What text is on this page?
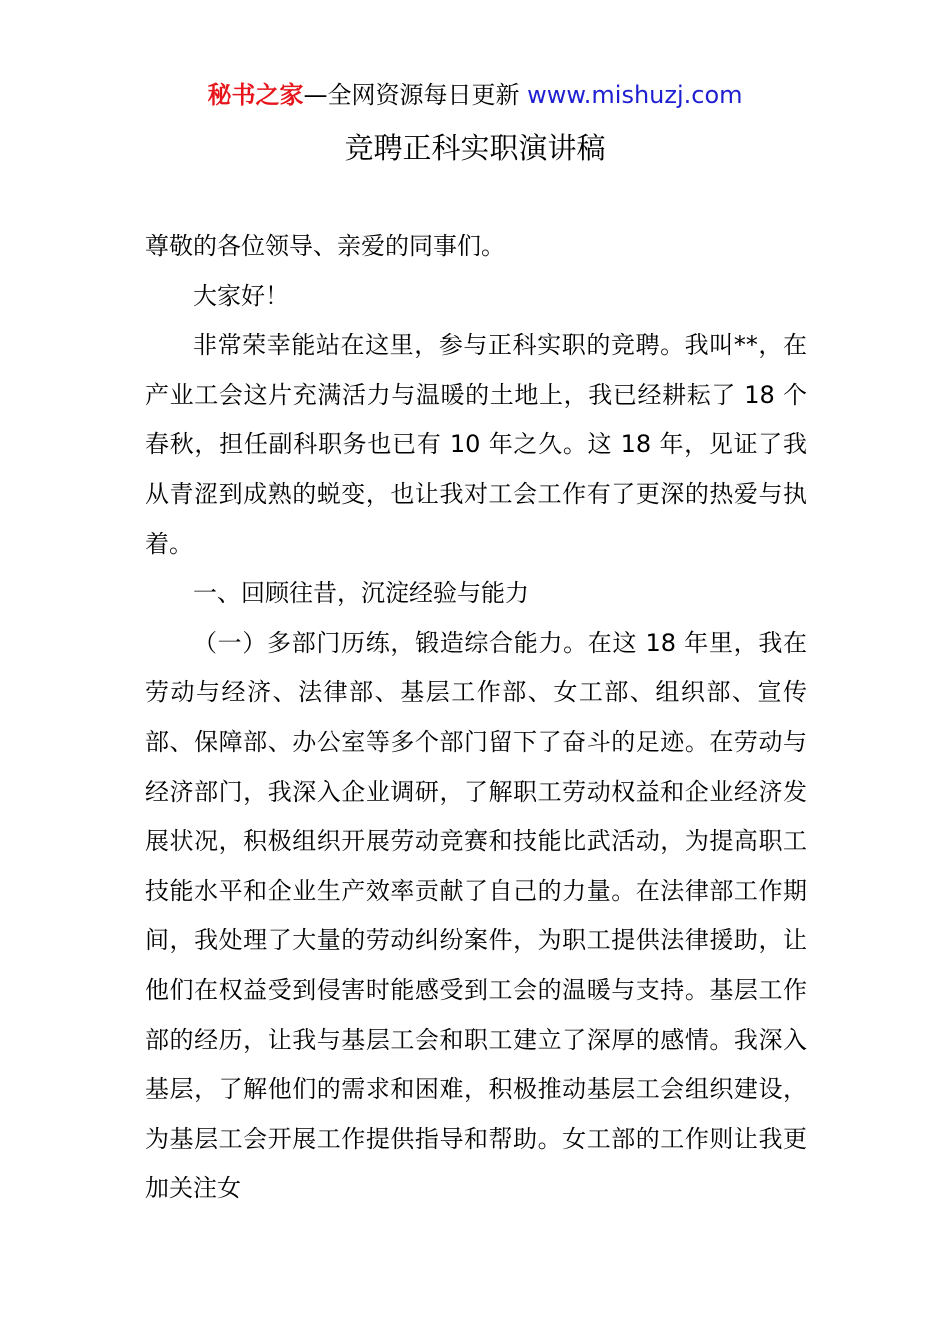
秘书之家—全网资源每日更新 www.mishuzj.com
竞聘正科实职演讲稿

尊敬的各位领导、亲爱的同事们。

大家好！

非常荣幸能站在这里，参与正科实职的竞聘。我叫**，在产业工会这片充满活力与温暖的土地上，我已经耕耘了 18 个春秋，担任副科职务也已有 10 年之久。这 18 年，见证了我从青涩到成熟的蜕变，也让我对工会工作有了更深的热爱与执着。

一、回顾往昔，沉淀经验与能力

（一）多部门历练，锻造综合能力。在这 18 年里，我在劳动与经济、法律部、基层工作部、女工部、组织部、宣传部、保障部、办公室等多个部门留下了奋斗的足迹。在劳动与经济部门，我深入企业调研，了解职工劳动权益和企业经济发展状况，积极组织开展劳动竞赛和技能比武活动，为提高职工技能水平和企业生产效率贡献了自己的力量。在法律部工作期间，我处理了大量的劳动纠纷案件，为职工提供法律援助，让他们在权益受到侵害时能感受到工会的温暖与支持。基层工作部的经历，让我与基层工会和职工建立了深厚的感情。我深入基层，了解他们的需求和困难，积极推动基层工会组织建设，为基层工会开展工作提供指导和帮助。女工部的工作则让我更加关注女
